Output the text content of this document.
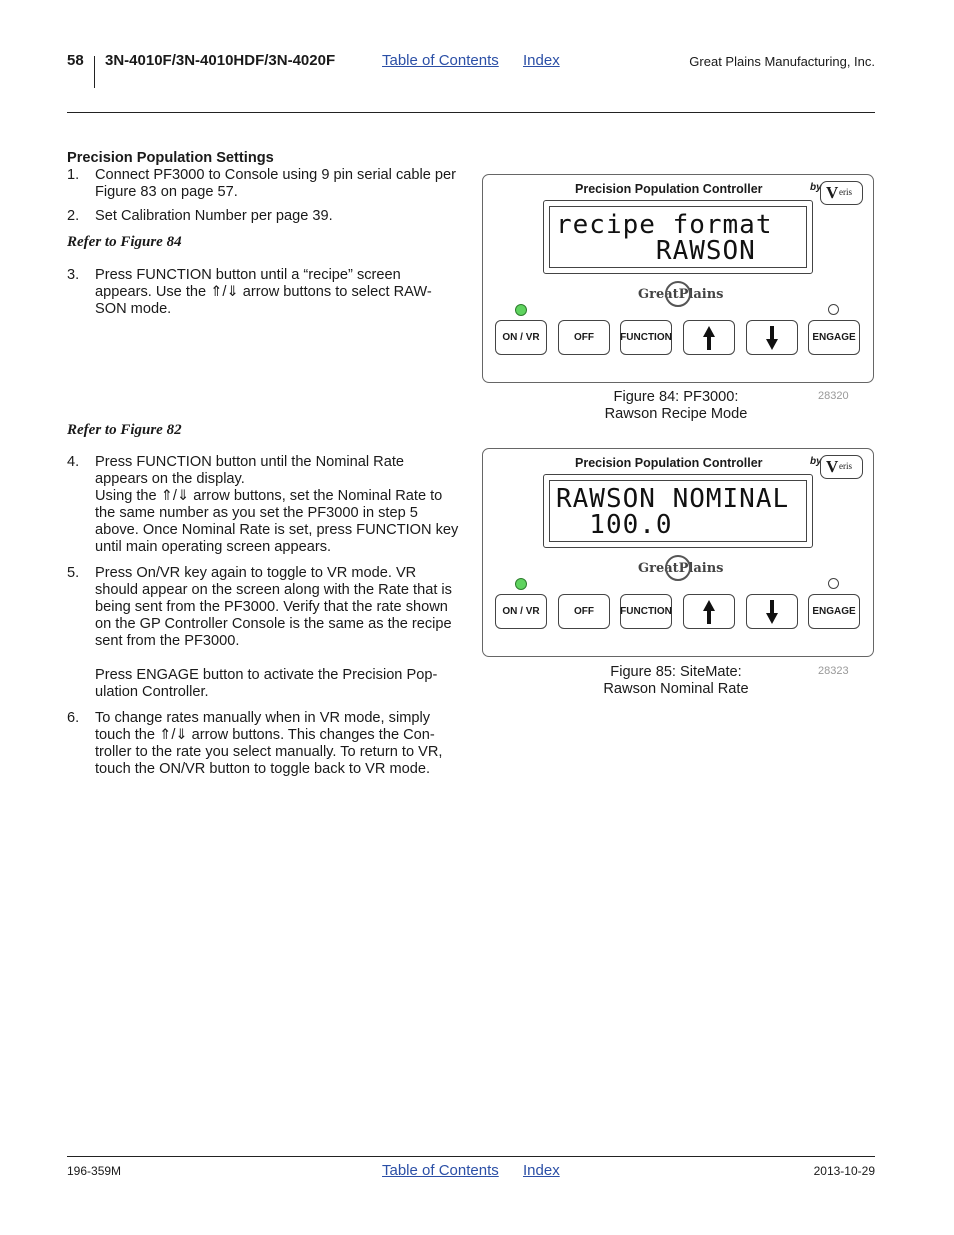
58 3N-4010F/3N-4010HDF/3N-4020F	Table of Contents Index	Great Plains Manufacturing, Inc.

Precision Population Settings

1. Connect PF3000 to Console using 9 pin serial cable per Figure 83 on page 57.
2. Set Calibration Number per page 39.
Refer to Figure 84
3. Press FUNCTION button until a “recipe” screen appears. Use the ⇑/⇓ arrow buttons to select RAW-SON mode.
Refer to Figure 82
4. Press FUNCTION button until the Nominal Rate appears on the display.
Using the ⇑/⇓ arrow buttons, set the Nominal Rate to the same number as you set the PF3000 in step 5 above. Once Nominal Rate is set, press FUNCTION key until main operating screen appears.
5. Press On/VR key again to toggle to VR mode. VR should appear on the screen along with the Rate that is being sent from the PF3000. Verify that the rate shown on the GP Controller Console is the same as the recipe sent from the PF3000.
Press ENGAGE button to activate the Precision Pop-ulation Controller.
6. To change rates manually when in VR mode, simply touch the ⇑/⇓ arrow buttons. This changes the Con-troller to the rate you select manually. To return to VR, touch the ON/VR button to toggle back to VR mode.
Precision Population Controller	by V eris
recipe format
RAWSON
GreatPlains
ON / VR	OFF	FUNCTION	ENGAGE
Figure 84: PF3000:
Rawson Recipe Mode
28320
Precision Population Controller	by V eris
RAWSON NOMINAL
100.0
GreatPlains
ON / VR	OFF	FUNCTION	ENGAGE
Figure 85: SiteMate:
Rawson Nominal Rate
28323
196-359M	Table of Contents Index	2013-10-29
